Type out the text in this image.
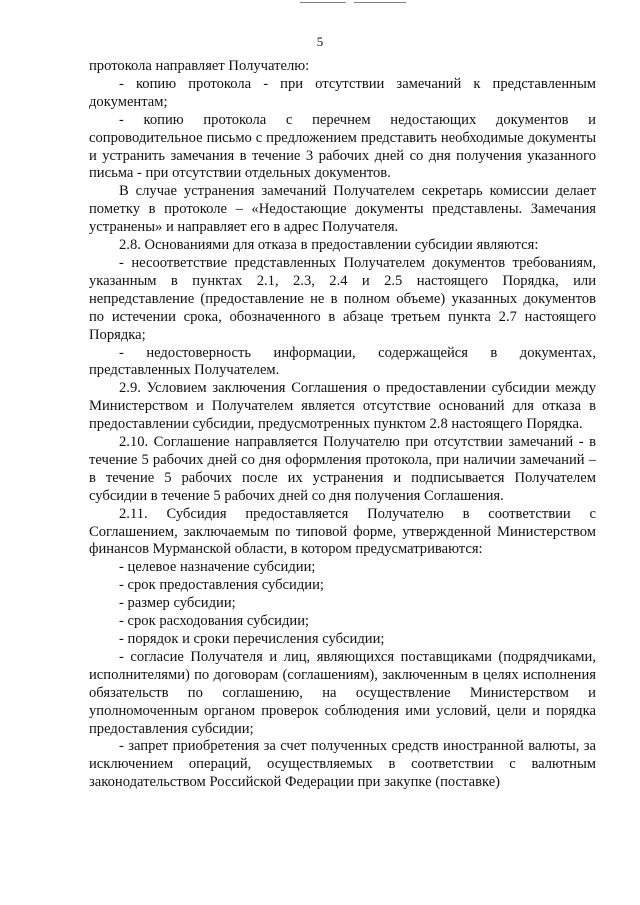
5

протокола направляет Получателю:

- копию протокола - при отсутствии замечаний к представленным документам;

- копию протокола с перечнем недостающих документов и сопроводительное письмо с предложением представить необходимые документы и устранить замечания в течение 3 рабочих дней со дня получения указанного письма - при отсутствии отдельных документов.

В случае устранения замечаний Получателем секретарь комиссии делает пометку в протоколе – «Недостающие документы представлены. Замечания устранены» и направляет его в адрес Получателя.

2.8. Основаниями для отказа в предоставлении субсидии являются:

- несоответствие представленных Получателем документов требованиям, указанным в пунктах 2.1, 2.3, 2.4 и 2.5 настоящего Порядка, или непредставление (предоставление не в полном объеме) указанных документов по истечении срока, обозначенного в абзаце третьем пункта 2.7 настоящего Порядка;

- недостоверность информации, содержащейся в документах, представленных Получателем.

2.9. Условием заключения Соглашения о предоставлении субсидии между Министерством и Получателем является отсутствие оснований для отказа в предоставлении субсидии, предусмотренных пунктом 2.8 настоящего Порядка.

2.10. Соглашение направляется Получателю при отсутствии замечаний - в течение 5 рабочих дней со дня оформления протокола, при наличии замечаний – в течение 5 рабочих после их устранения и подписывается Получателем субсидии в течение 5 рабочих дней со дня получения Соглашения.

2.11. Субсидия предоставляется Получателю в соответствии с Соглашением, заключаемым по типовой форме, утвержденной Министерством финансов Мурманской области, в котором предусматриваются:

- целевое назначение субсидии;

- срок предоставления субсидии;

- размер субсидии;

- срок расходования субсидии;

- порядок и сроки перечисления субсидии;

- согласие Получателя и лиц, являющихся поставщиками (подрядчиками, исполнителями) по договорам (соглашениям), заключенным в целях исполнения обязательств по соглашению, на осуществление Министерством и уполномоченным органом проверок соблюдения ими условий, цели и порядка предоставления субсидии;

- запрет приобретения за счет полученных средств иностранной валюты, за исключением операций, осуществляемых в соответствии с валютным законодательством Российской Федерации при закупке (поставке)
